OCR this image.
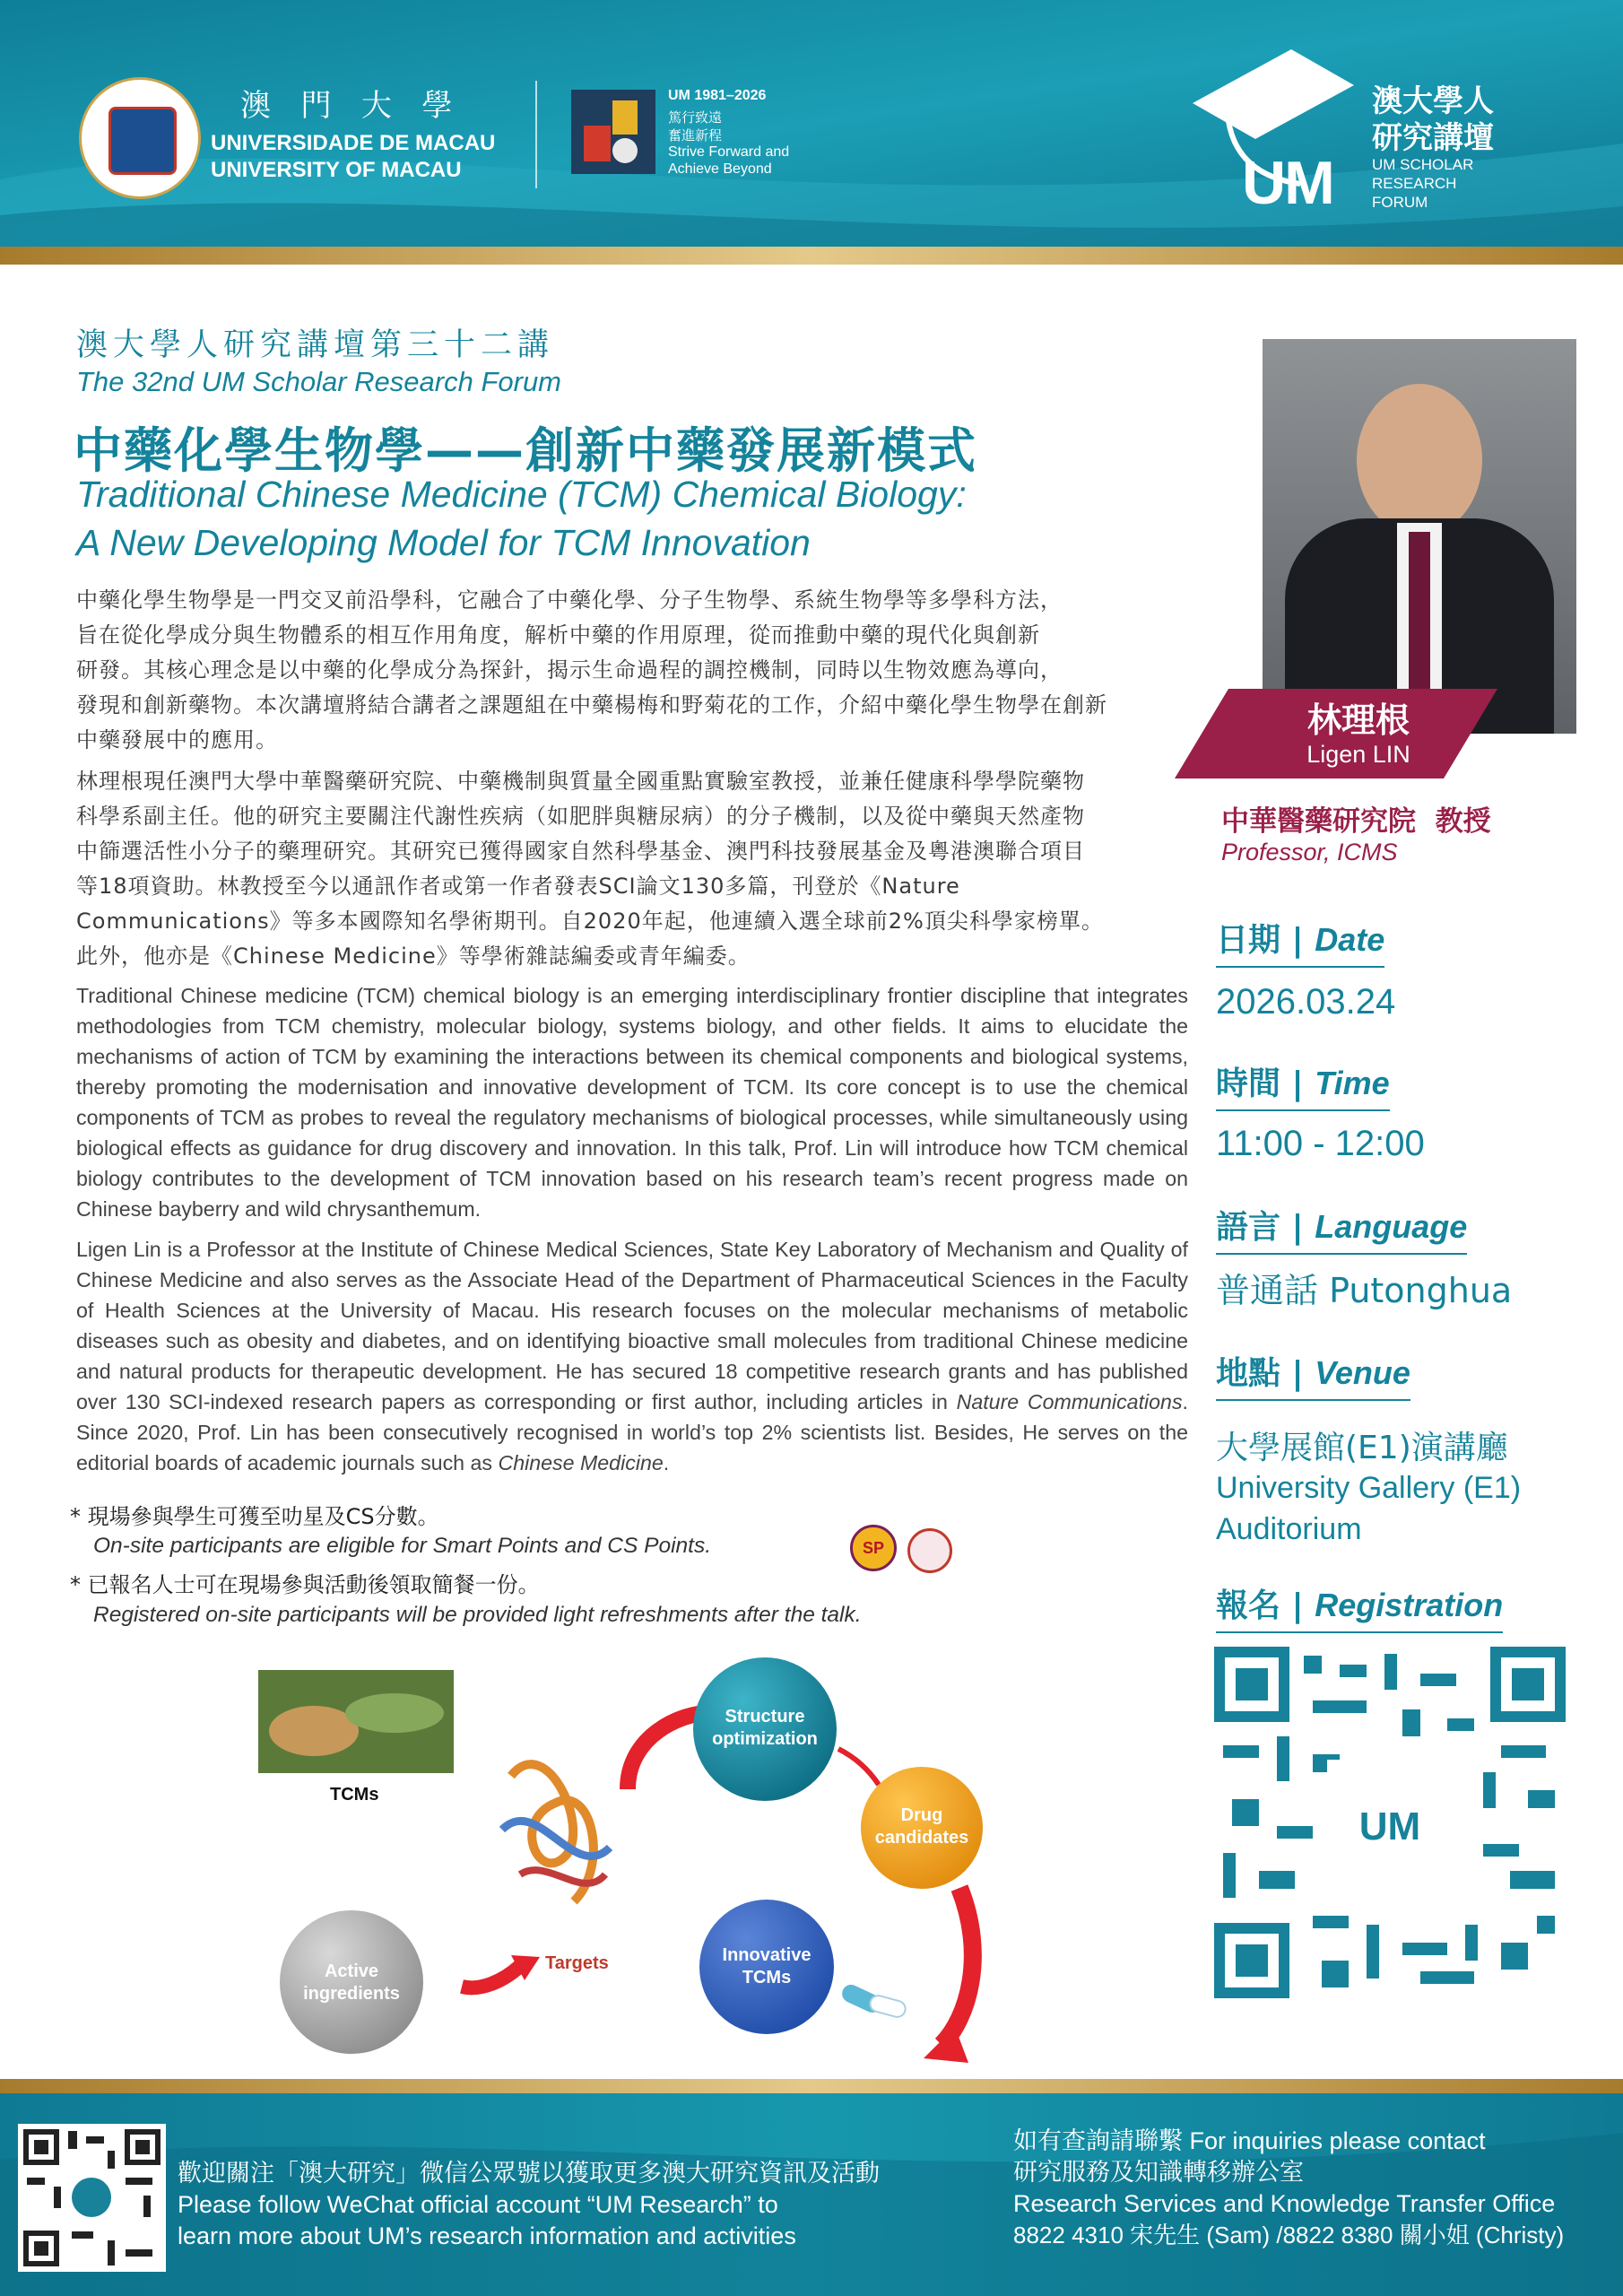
澳 門 大 學
UNIVERSIDADE DE MACAU
UNIVERSITY OF MACAU
UM 1981–2026
篤行致遠
奮進新程
Strive Forward and
Achieve Beyond	UM
澳大學人
研究講壇
UM SCHOLAR
RESEARCH
FORUM
澳大學人研究講壇第三十二講
The 32nd UM Scholar Research Forum
中藥化學生物學——創新中藥發展新模式
Traditional Chinese Medicine (TCM) Chemical Biology:
A New Developing Model for TCM Innovation
中藥化學生物學是一門交叉前沿學科，它融合了中藥化學、分子生物學、系統生物學等多學科方法，
旨在從化學成分與生物體系的相互作用角度，解析中藥的作用原理，從而推動中藥的現代化與創新
研發。其核心理念是以中藥的化學成分為探針，揭示生命過程的調控機制，同時以生物效應為導向，
發現和創新藥物。本次講壇將結合講者之課題組在中藥楊梅和野菊花的工作，介紹中藥化學生物學在創新
中藥發展中的應用。
林理根現任澳門大學中華醫藥研究院、中藥機制與質量全國重點實驗室教授，並兼任健康科學學院藥物
科學系副主任。他的研究主要關注代謝性疾病（如肥胖與糖尿病）的分子機制，以及從中藥與天然產物
中篩選活性小分子的藥理研究。其研究已獲得國家自然科學基金、澳門科技發展基金及粵港澳聯合項目
等18項資助。林教授至今以通訊作者或第一作者發表SCI論文130多篇，刊登於《Nature
Communications》等多本國際知名學術期刊。自2020年起，他連續入選全球前2%頂尖科學家榜單。
此外，他亦是《Chinese Medicine》等學術雜誌編委或青年編委。
Traditional Chinese medicine (TCM) chemical biology is an emerging interdisciplinary frontier discipline that integrates methodologies from TCM chemistry, molecular biology, systems biology, and other fields. It aims to elucidate the mechanisms of action of TCM by examining the interactions between its chemical components and biological systems, thereby promoting the modernisation and innovative development of TCM. Its core concept is to use the chemical components of TCM as probes to reveal the regulatory mechanisms of biological processes, while simultaneously using biological effects as guidance for drug discovery and innovation. In this talk, Prof. Lin will introduce how TCM chemical biology contributes to the development of TCM innovation based on his research team’s recent progress made on Chinese bayberry and wild chrysanthemum.
Ligen Lin is a Professor at the Institute of Chinese Medical Sciences, State Key Laboratory of Mechanism and Quality of Chinese Medicine and also serves as the Associate Head of the Department of Pharmaceutical Sciences in the Faculty of Health Sciences at the University of Macau. His research focuses on the molecular mechanisms of metabolic diseases such as obesity and diabetes, and on identifying bioactive small molecules from traditional Chinese medicine and natural products for therapeutic development. He has secured 18 competitive research grants and has published over 130 SCI-indexed research papers as corresponding or first author, including articles in Nature Communications. Since 2020, Prof. Lin has been consecutively recognised in world’s top 2% scientists list. Besides, He serves on the editorial boards of academic journals such as Chinese Medicine.
* 現場參與學生可獲至叻星及CS分數。
On-site participants are eligible for Smart Points and CS Points.	SP
* 已報名人士可在現場參與活動後領取簡餐一份。
Registered on-site participants will be provided light refreshments after the talk.
TCMs
Targets
Structure optimization
Drug candidates
Innovative TCMs
Active ingredients
林理根
Ligen LIN
中華醫藥研究院  教授
Professor, ICMS
日期 | Date
2026.03.24
時間 | Time
11:00 - 12:00
語言 | Language
普通話 Putonghua
地點 | Venue
大學展館(E1)演講廳
University Gallery (E1)
Auditorium
報名 | Registration
UM
歡迎關注「澳大研究」微信公眾號以獲取更多澳大研究資訊及活動
Please follow WeChat official account “UM Research” to
learn more about UM’s research information and activities
如有查詢請聯繫 For inquiries please contact
研究服務及知識轉移辦公室
Research Services and Knowledge Transfer Office
8822 4310 宋先生 (Sam) /8822 8380 關小姐 (Christy)
